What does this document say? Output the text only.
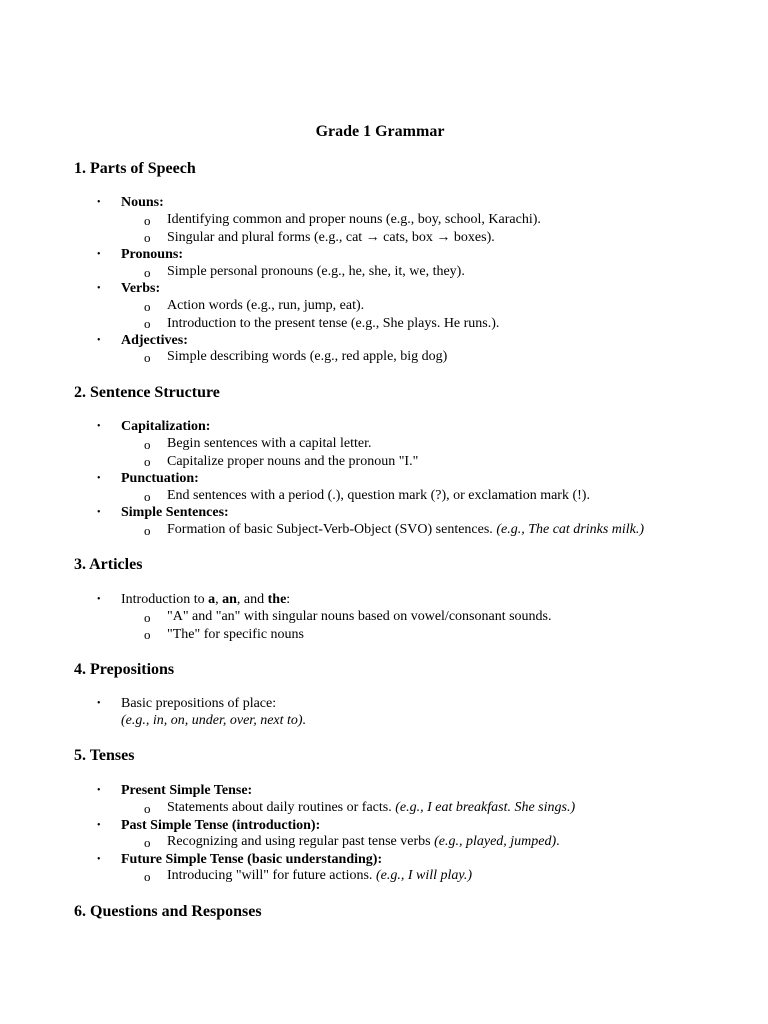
Grade 1 Grammar
1. Parts of Speech
• Nouns:
o Identifying common and proper nouns (e.g., boy, school, Karachi).
o Singular and plural forms (e.g., cat → cats, box → boxes).
• Pronouns:
o Simple personal pronouns (e.g., he, she, it, we, they).
• Verbs:
o Action words (e.g., run, jump, eat).
o Introduction to the present tense (e.g., She plays. He runs.).
• Adjectives:
o Simple describing words (e.g., red apple, big dog)
2. Sentence Structure
• Capitalization:
o Begin sentences with a capital letter.
o Capitalize proper nouns and the pronoun "I."
• Punctuation:
o End sentences with a period (.), question mark (?), or exclamation mark (!).
• Simple Sentences:
o Formation of basic Subject-Verb-Object (SVO) sentences. (e.g., The cat drinks milk.)
3. Articles
• Introduction to a, an, and the:
o "A" and "an" with singular nouns based on vowel/consonant sounds.
o "The" for specific nouns
4. Prepositions
• Basic prepositions of place:
(e.g., in, on, under, over, next to).
5. Tenses
• Present Simple Tense:
o Statements about daily routines or facts. (e.g., I eat breakfast. She sings.)
• Past Simple Tense (introduction):
o Recognizing and using regular past tense verbs (e.g., played, jumped).
• Future Simple Tense (basic understanding):
o Introducing "will" for future actions. (e.g., I will play.)
6. Questions and Responses
